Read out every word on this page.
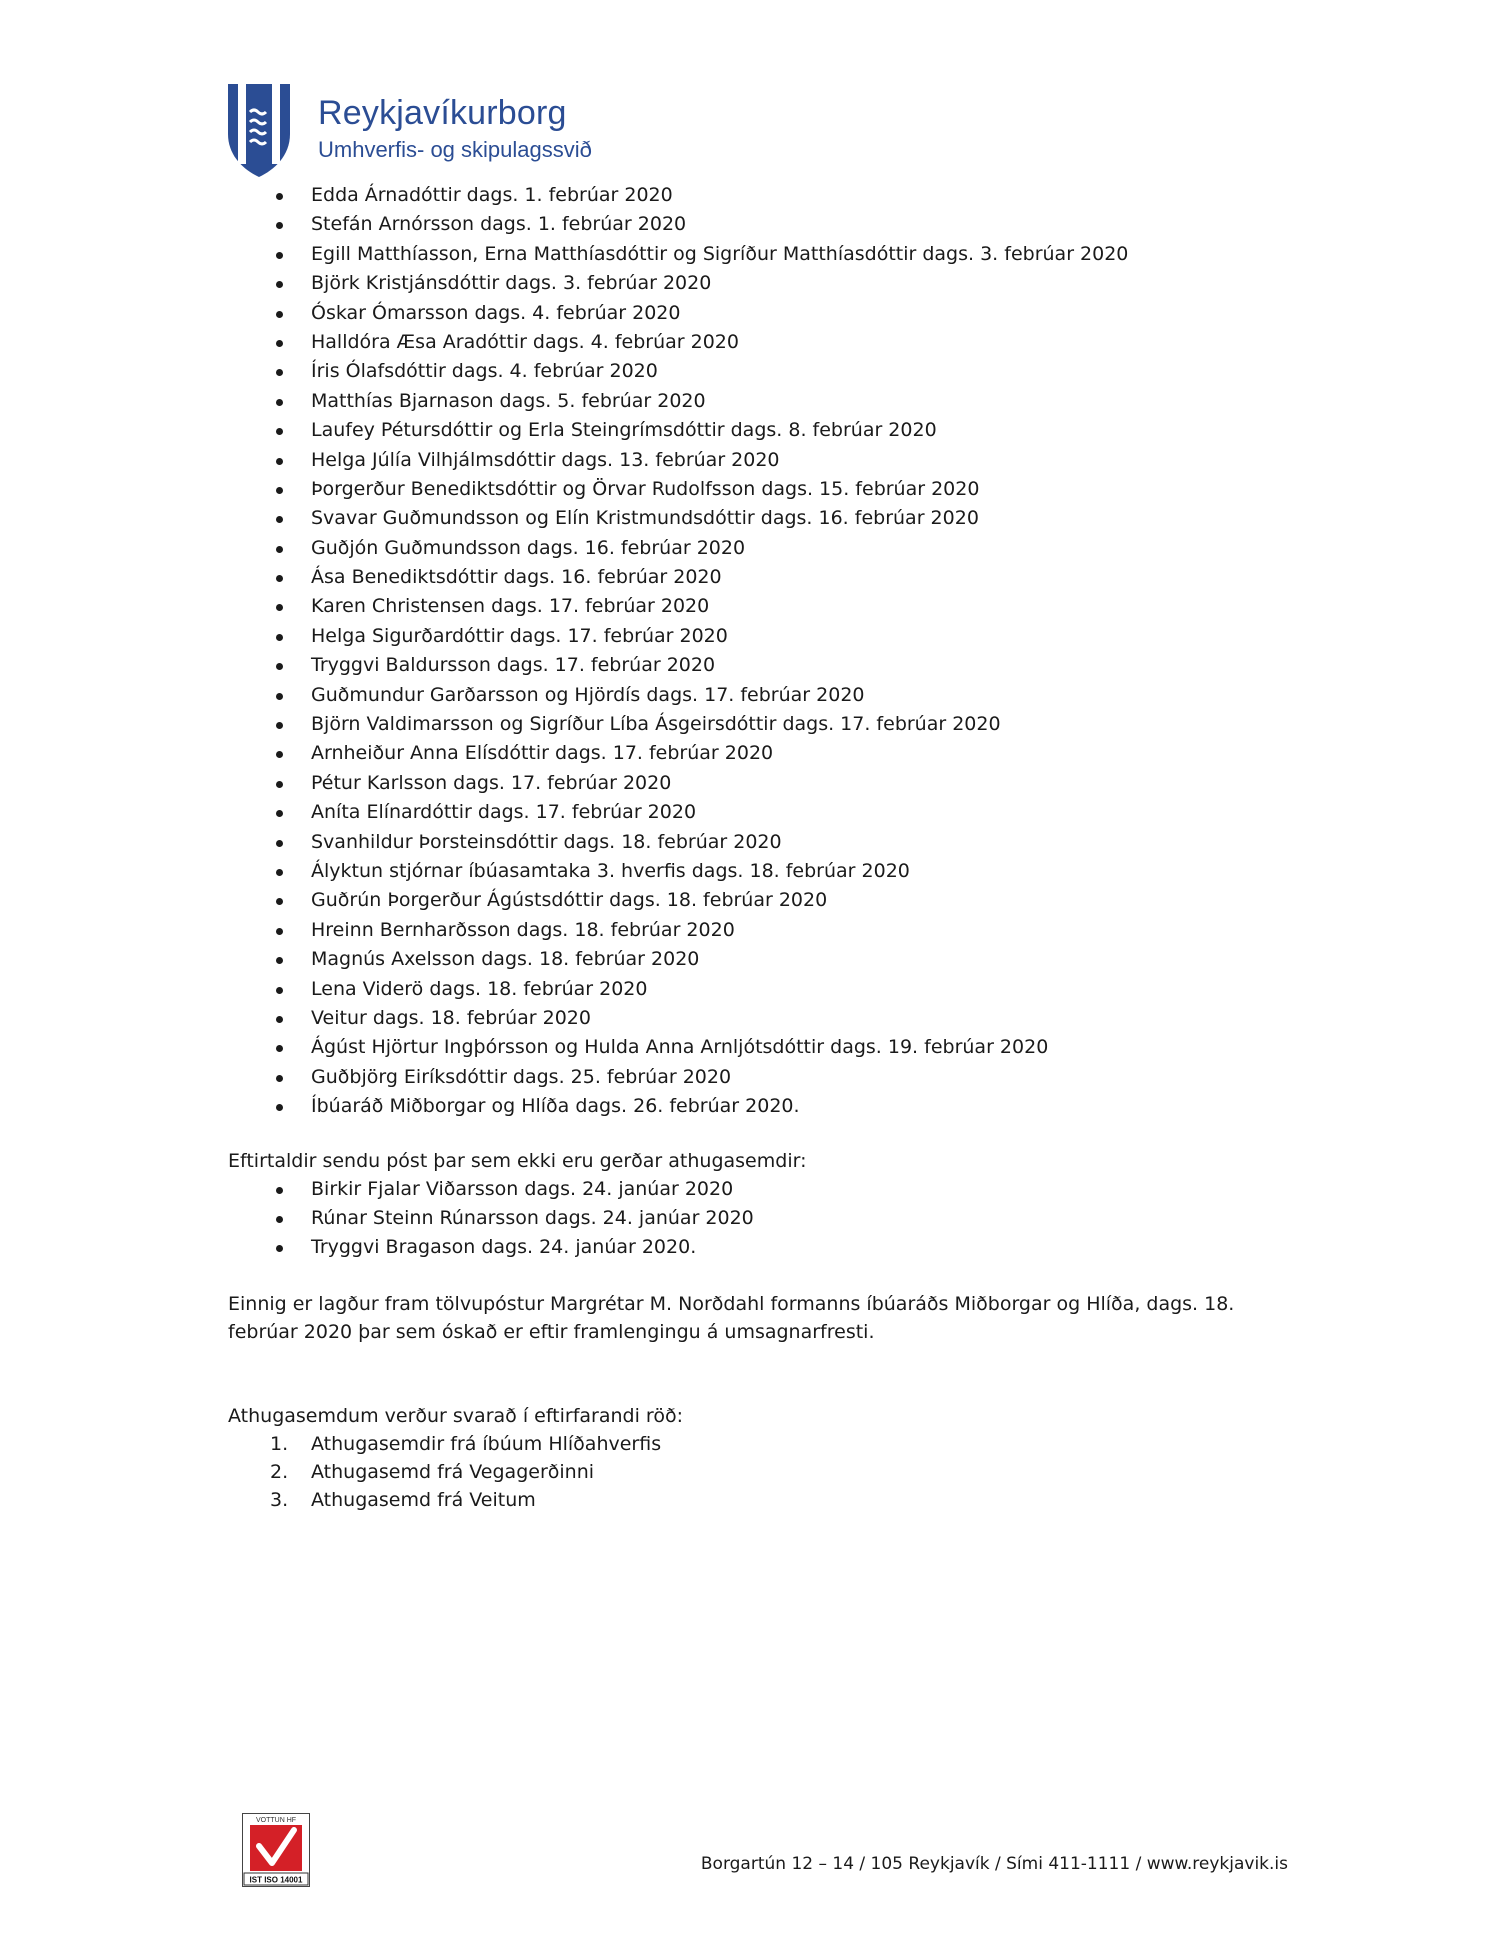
Reykjavíkurborg
Umhverfis- og skipulagssvið
Edda Árnadóttir dags. 1. febrúar 2020
Stefán Arnórsson dags. 1. febrúar 2020
Egill Matthíasson, Erna Matthíasdóttir og Sigríður Matthíasdóttir dags. 3. febrúar 2020
Björk Kristjánsdóttir dags. 3. febrúar 2020
Óskar Ómarsson dags. 4. febrúar 2020
Halldóra Æsa Aradóttir dags. 4. febrúar 2020
Íris Ólafsdóttir dags. 4. febrúar 2020
Matthías Bjarnason dags. 5. febrúar 2020
Laufey Pétursdóttir og Erla Steingrímsdóttir dags. 8. febrúar 2020
Helga Júlía Vilhjálmsdóttir dags. 13. febrúar 2020
Þorgerður Benediktsdóttir og Örvar Rudolfsson dags. 15. febrúar 2020
Svavar Guðmundsson og Elín Kristmundsdóttir dags. 16. febrúar 2020
Guðjón Guðmundsson dags. 16. febrúar 2020
Ása Benediktsdóttir dags. 16. febrúar 2020
Karen Christensen dags. 17. febrúar 2020
Helga Sigurðardóttir dags. 17. febrúar 2020
Tryggvi Baldursson dags. 17. febrúar 2020
Guðmundur Garðarsson og Hjördís dags. 17. febrúar 2020
Björn Valdimarsson og Sigríður Líba Ásgeirsdóttir dags. 17. febrúar 2020
Arnheiður Anna Elísdóttir dags. 17. febrúar 2020
Pétur Karlsson dags. 17. febrúar 2020
Aníta Elínardóttir dags. 17. febrúar 2020
Svanhildur Þorsteinsdóttir dags. 18. febrúar 2020
Ályktun stjórnar íbúasamtaka 3. hverfis dags. 18. febrúar 2020
Guðrún Þorgerður Ágústsdóttir dags. 18. febrúar 2020
Hreinn Bernharðsson dags. 18. febrúar 2020
Magnús Axelsson dags. 18. febrúar 2020
Lena Viderö dags. 18. febrúar 2020
Veitur dags. 18. febrúar 2020
Ágúst Hjörtur Ingþórsson og Hulda Anna Arnljótsdóttir dags. 19. febrúar 2020
Guðbjörg Eiríksdóttir dags. 25. febrúar 2020
Íbúaráð Miðborgar og Hlíða dags. 26. febrúar 2020.

Eftirtaldir sendu póst þar sem ekki eru gerðar athugasemdir:

Birkir Fjalar Viðarsson dags. 24. janúar 2020
Rúnar Steinn Rúnarsson dags. 24. janúar 2020
Tryggvi Bragason dags. 24. janúar 2020.

Einnig er lagður fram tölvupóstur Margrétar M. Norðdahl formanns íbúaráðs Miðborgar og Hlíða, dags. 18.
febrúar 2020 þar sem óskað er eftir framlengingu á umsagnarfresti.

Athugasemdum verður svarað í eftirfarandi röð:

1. Athugasemdir frá íbúum Hlíðahverfis
2. Athugasemd frá Vegagerðinni
3. Athugasemd frá Veitum
VOTTUN HF
IST ISO 14001
Borgartún 12 – 14 / 105 Reykjavík / Sími 411-1111 / www.reykjavik.is
